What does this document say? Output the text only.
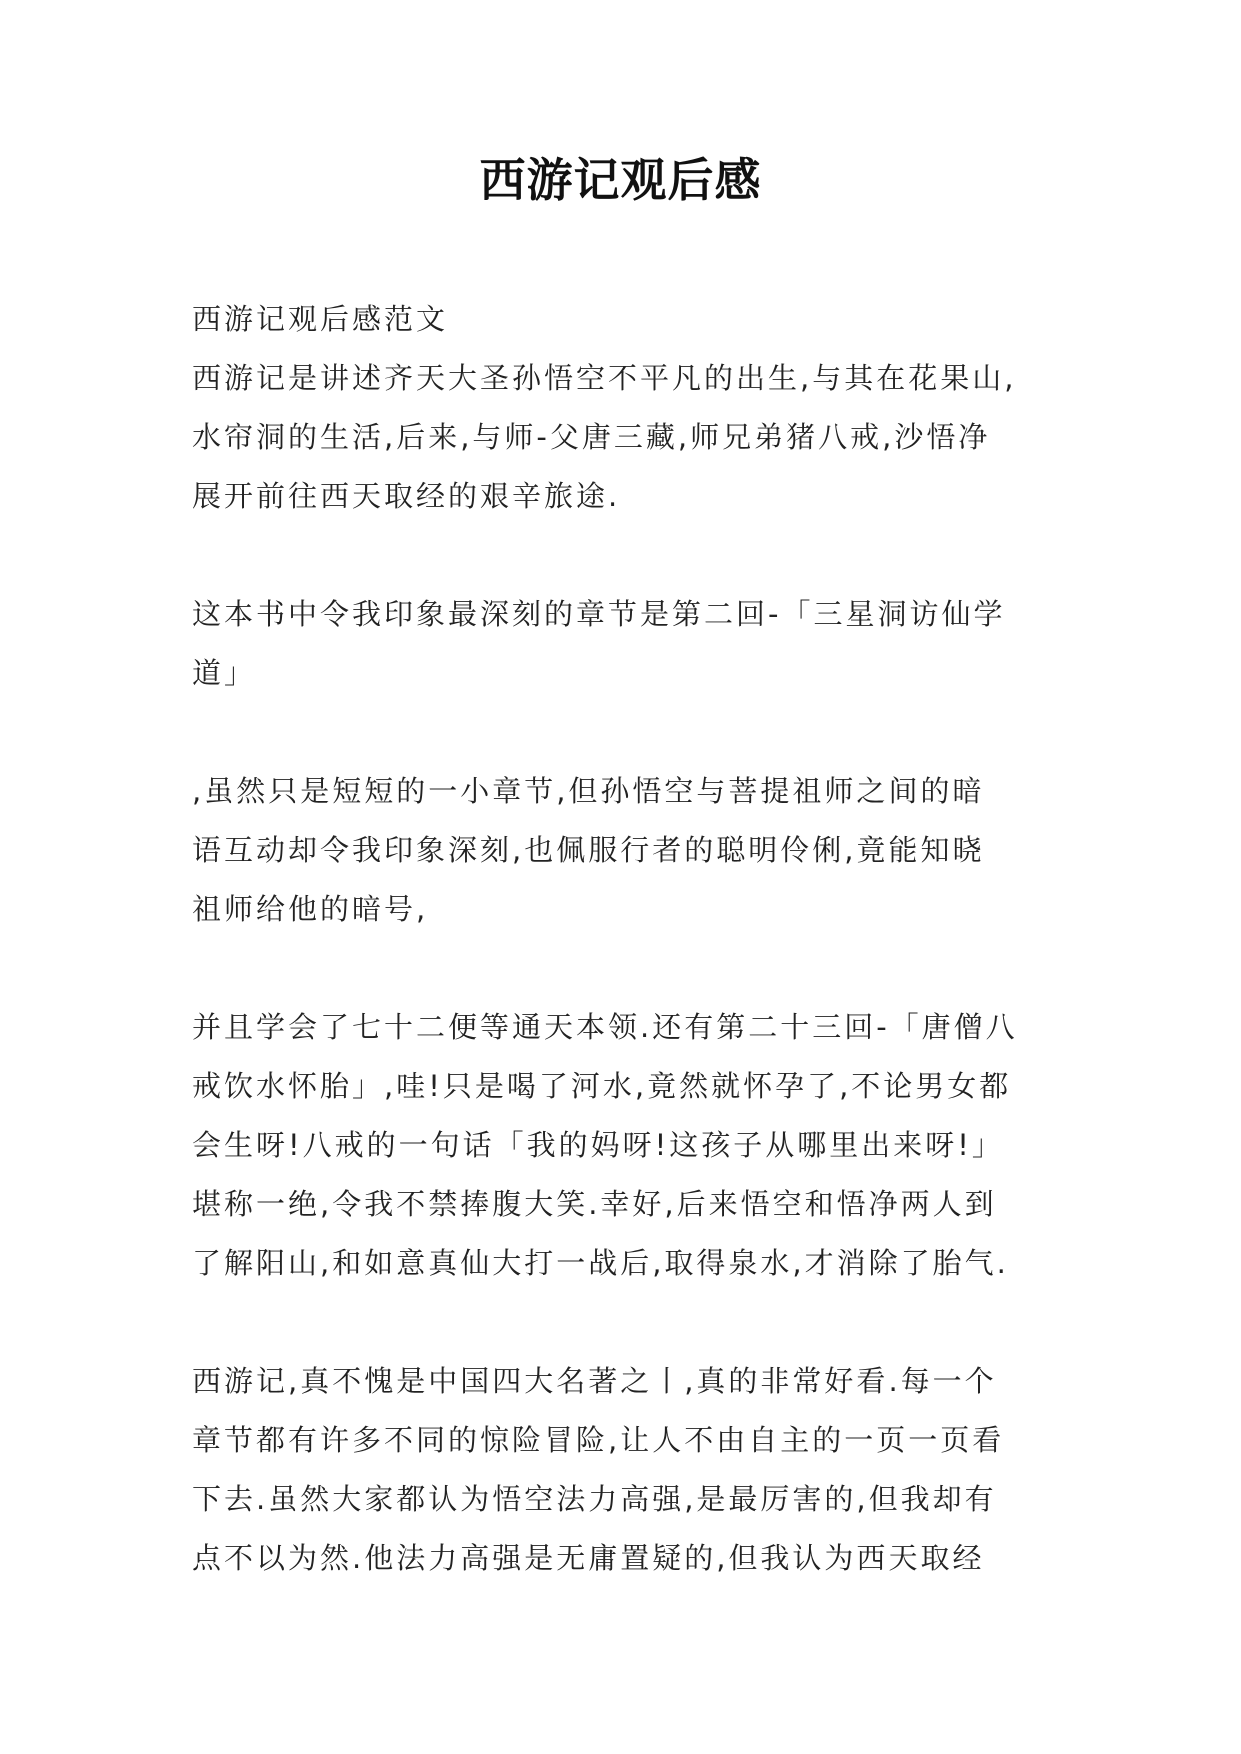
西游记观后感

西游记观后感范文

西游记是讲述齐天大圣孙悟空不平凡的出生,与其在花果山,

水帘洞的生活,后来,与师-父唐三藏,师兄弟猪八戒,沙悟净

展开前往西天取经的艰辛旅途.

这本书中令我印象最深刻的章节是第二回-「三星洞访仙学

道」

,虽然只是短短的一小章节,但孙悟空与菩提祖师之间的暗

语互动却令我印象深刻,也佩服行者的聪明伶俐,竟能知晓

祖师给他的暗号,

并且学会了七十二便等通天本领.还有第二十三回-「唐僧八

戒饮水怀胎」,哇!只是喝了河水,竟然就怀孕了,不论男女都

会生呀!八戒的一句话「我的妈呀!这孩子从哪里出来呀!」

堪称一绝,令我不禁捧腹大笑.幸好,后来悟空和悟净两人到

了解阳山,和如意真仙大打一战后,取得泉水,才消除了胎气.

西游记,真不愧是中国四大名著之丨,真的非常好看.每一个

章节都有许多不同的惊险冒险,让人不由自主的一页一页看

下去.虽然大家都认为悟空法力高强,是最厉害的,但我却有

点不以为然.他法力高强是无庸置疑的,但我认为西天取经
